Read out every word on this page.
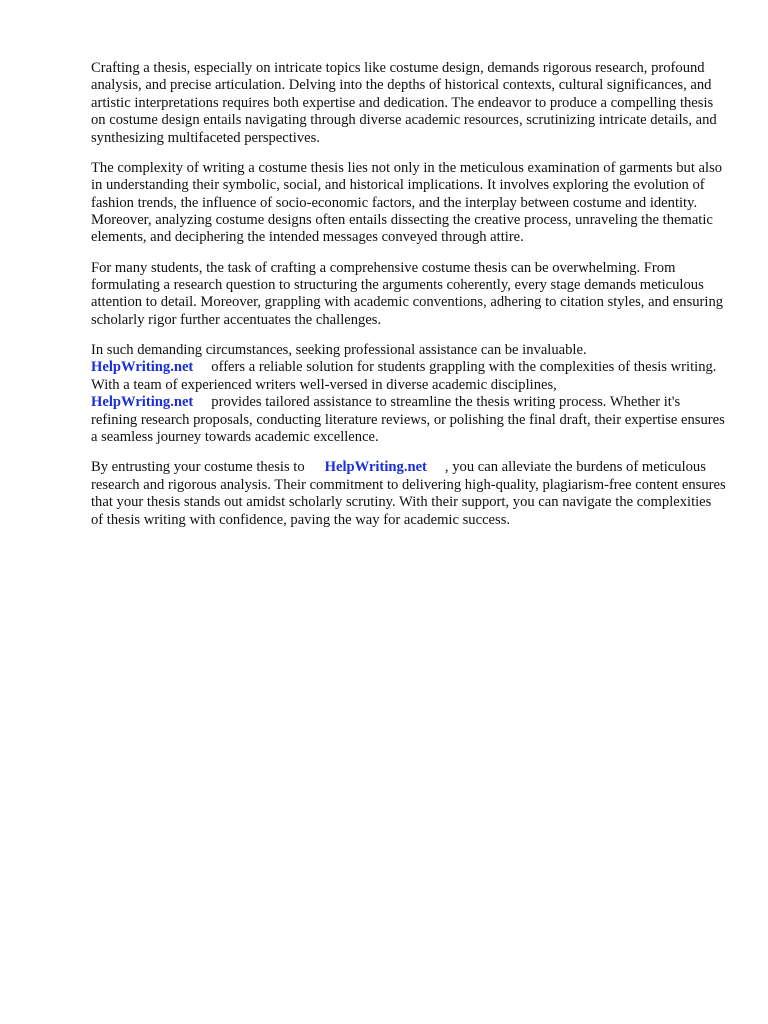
Crafting a thesis, especially on intricate topics like costume design, demands rigorous research, profound analysis, and precise articulation. Delving into the depths of historical contexts, cultural significances, and artistic interpretations requires both expertise and dedication. The endeavor to produce a compelling thesis on costume design entails navigating through diverse academic resources, scrutinizing intricate details, and synthesizing multifaceted perspectives.

The complexity of writing a costume thesis lies not only in the meticulous examination of garments but also in understanding their symbolic, social, and historical implications. It involves exploring the evolution of fashion trends, the influence of socio-economic factors, and the interplay between costume and identity. Moreover, analyzing costume designs often entails dissecting the creative process, unraveling the thematic elements, and deciphering the intended messages conveyed through attire.

For many students, the task of crafting a comprehensive costume thesis can be overwhelming. From formulating a research question to structuring the arguments coherently, every stage demands meticulous attention to detail. Moreover, grappling with academic conventions, adhering to citation styles, and ensuring scholarly rigor further accentuates the challenges.

In such demanding circumstances, seeking professional assistance can be invaluable.
HelpWriting.net offers a reliable solution for students grappling with the complexities of thesis writing. With a team of experienced writers well-versed in diverse academic disciplines,
HelpWriting.net provides tailored assistance to streamline the thesis writing process. Whether it's refining research proposals, conducting literature reviews, or polishing the final draft, their expertise ensures a seamless journey towards academic excellence.

By entrusting your costume thesis to HelpWriting.net , you can alleviate the burdens of meticulous research and rigorous analysis. Their commitment to delivering high-quality, plagiarism-free content ensures that your thesis stands out amidst scholarly scrutiny. With their support, you can navigate the complexities of thesis writing with confidence, paving the way for academic success.
